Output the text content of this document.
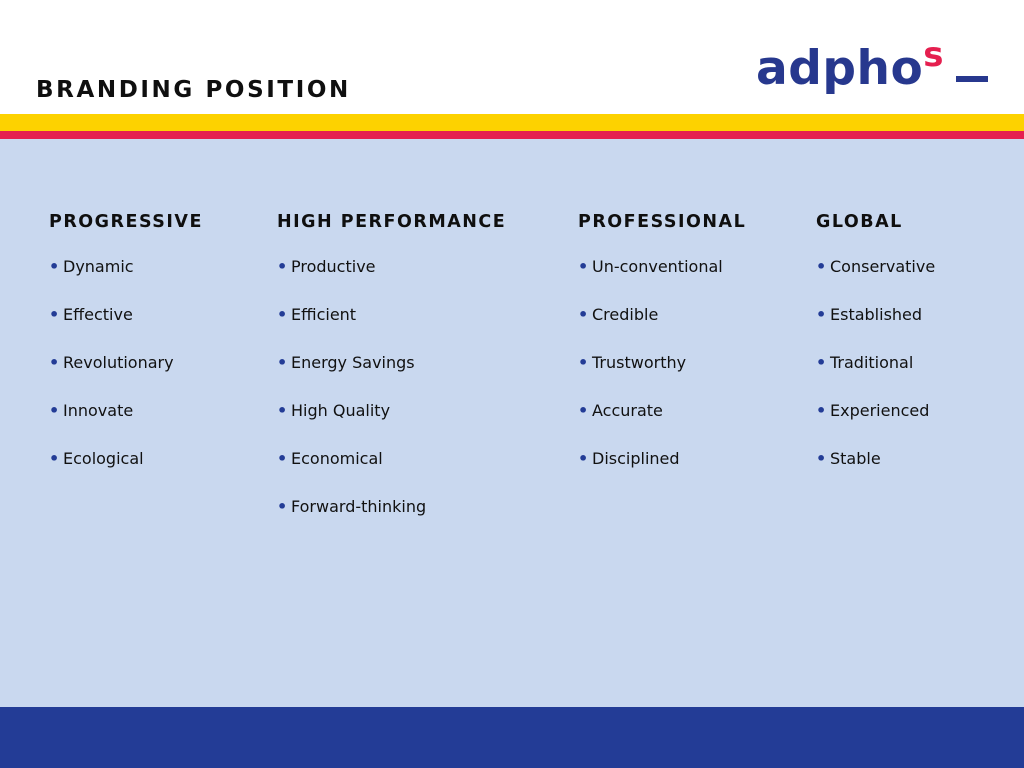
BRANDING POSITION	adpho$^s$
PROGRESSIVE
• Dynamic
• Effective
• Revolutionary
• Innovate
• Ecological
HIGH PERFORMANCE
• Productive
• Efficient
• Energy Savings
• High Quality
• Economical
• Forward-thinking
PROFESSIONAL
• Un-conventional
• Credible
• Trustworthy
• Accurate
• Disciplined
GLOBAL
• Conservative
• Established
• Traditional
• Experienced
• Stable
